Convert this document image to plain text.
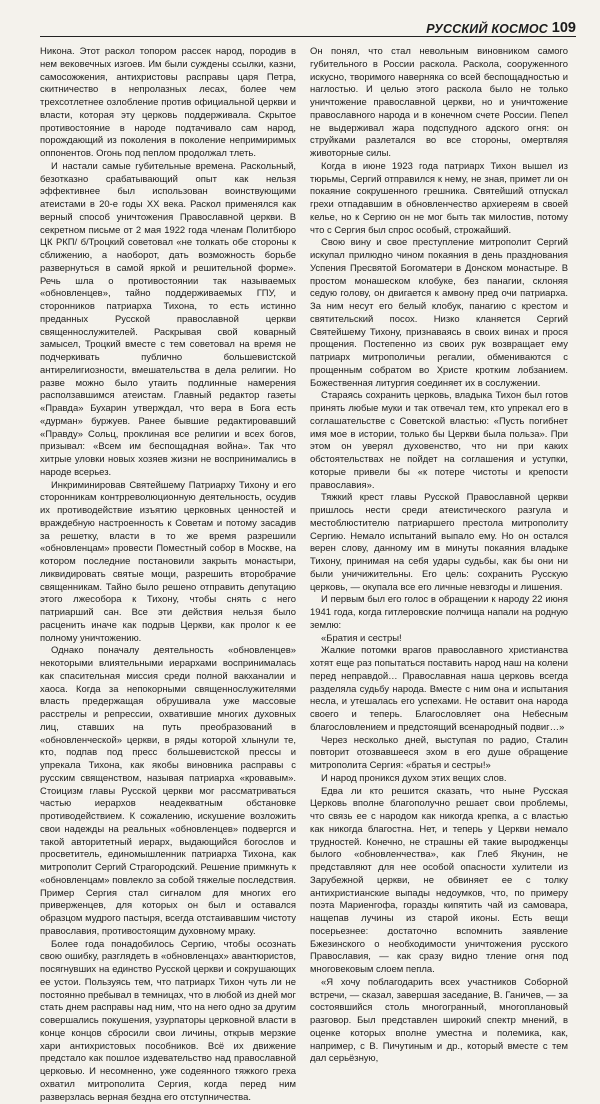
РУССКИЙ КОСМОС 109

Никона. Этот раскол топором рассек народ, породив в нем вековечных изгоев. Им были суждены ссылки, казни, самосожжения, антихристовы расправы царя Петра, скитничество в непролазных лесах, более чем трехсотлетнее озлобление против официальной церкви и власти, которая эту церковь поддерживала. Скрытое противостояние в народе подтачивало сам народ, порождающий из поколения в поколение непримиримых оппонентов. Огонь под пеплом продолжал тлеть.

И настали самые губительные времена. Раскольный, безотказно срабатывающий опыт как нельзя эффективнее был использован воинствующими атеистами в 20-е годы ХХ века. Раскол применялся как верный способ уничтожения Православной церкви. В секретном письме от 2 мая 1922 года членам Политбюро ЦК РКП/ б/Троцкий советовал «не толкать обе стороны к сближению, а наоборот, дать возможность борьбе развернуться в самой яркой и решительной форме». Речь шла о противостоянии так называемых «обновленцев», тайно поддерживаемых ГПУ, и сторонников патриарха Тихона, то есть истинно преданных Русской православной церкви священнослужителей. Раскрывая свой коварный замысел, Троцкий вместе с тем советовал на время не подчеркивать публично большевистской антирелигиозности, вмешательства в дела религии. Но разве можно было утаить подлинные намерения расползавшимся атеистам. Главный редактор газеты «Правда» Бухарин утверждал, что вера в Бога есть «дурман» буржуев. Ранее бывшие редактировавший «Правду» Сольц, проклиная все религии и всех богов, призывал: «Всем им беспощадная война». Так что хитрые уловки новых хозяев жизни не воспринимались в народе всерьез.

Инкриминировав Святейшему Патриарху Тихону и его сторонникам контрреволюционную деятельность, осудив их противодействие изъятию церковных ценностей и враждебную настроенность к Советам и потому засадив за решетку, власти в то же время разрешили «обновленцам» провести Поместный собор в Москве, на котором последние постановили закрыть монастыри, ликвидировать святые мощи, разрешить второбрачие священникам. Тайно было решено отправить депутацию этого лжесобора к Тихону, чтобы снять с него патриарший сан. Все эти действия нельзя было расценить иначе как подрыв Церкви, как пролог к ее полному уничтожению.

Однако поначалу деятельность «обновленцев» некоторыми влиятельными иерархами воспринималась как спасительная миссия среди полной вакханалии и хаоса. Когда за непокорными священнослужителями власть предержащая обрушивала уже массовые расстрелы и репрессии, охватившие многих духовных лиц, ставших на путь преобразований в «обновленческой» церкви, в ряды которой хлынули те, кто, подпав под пресс большевистской прессы и упрекала Тихона, как якобы виновника расправы с русским священством, называя патриарха «кровавым». Стоицизм главы Русской церкви мог рассматриваться частью иерархов неадекватным обстановке противодействием. К сожалению, искушение возложить свои надежды на реальных «обновленцев» подвергся и такой авторитетный иерарх, выдающийся богослов и просветитель, единомышленник патриарха Тихона, как митрополит Сергий Страгородский. Решение примкнуть к «обновленцам» повлекло за собой тяжелые последствия. Пример Сергия стал сигналом для многих его приверженцев, для которых он был и оставался образцом мудрого пастыря, всегда отстаивавшим чистоту православия, противостоящим духовному мраку.

Более года понадобилось Сергию, чтобы осознать свою ошибку, разглядеть в «обновленцах» авантюристов, посягнувших на единство Русской церкви и сокрушающих ее устои. Пользуясь тем, что патриарх Тихон чуть ли не постоянно пребывал в темницах, что в любой из дней мог стать днем расправы над ним, что на него одно за другим совершались покушения, узурпаторы церковной власти в конце концов сбросили свои личины, открыв мерзкие хари антихристовых пособников. Всё их движение предстало как пошлое издевательство над православной церковью. И несомненно, уже содеянного тяжкого греха охватил митрополита Сергия, когда перед ним разверзлась верная бездна его отступничества.

Он понял, что стал невольным виновником самого губительного в России раскола. Раскола, сооруженного искусно, творимого наверняка со всей беспощадностью и наглостью. И целью этого раскола было не только уничтожение православной церкви, но и уничтожение православного народа и в конечном счете России. Пепел не выдерживал жара подспудного адского огня: он струйками разлетался во все стороны, омертвляя животорные силы.

Когда в июне 1923 года патриарх Тихон вышел из тюрьмы, Сергий отправился к нему, не зная, примет ли он покаяние сокрушенного грешника. Святейший отпускал грехи отпадавшим в обновленчество архиереям в своей келье, но к Сергию он не мог быть так милостив, потому что с Сергия был спрос особый, строжайший.

Свою вину и свое преступление митрополит Сергий искупал прилюдно чином покаяния в день празднования Успения Пресвятой Богоматери в Донском монастыре. В простом монашеском клобуке, без панагии, склоняя седую голову, он двигается к амвону пред очи патриарха. За ним несут его белый клобук, панагию с крестом и святительский посох. Низко кланяется Сергий Святейшему Тихону, признаваясь в своих винах и прося прощения. Постепенно из своих рук возвращает ему патриарх митрополичьи регалии, обмениваются с прощенным собратом во Христе кротким лобзанием. Божественная литургия соединяет их в сослужении.

Стараясь сохранить церковь, владыка Тихон был готов принять любые муки и так отвечал тем, кто упрекал его в соглашательстве с Советской властью: «Пусть погибнет имя мое в истории, только бы Церкви была польза». При этом он уверял духовенство, что ни при каких обстоятельствах не пойдет на соглашения и уступки, которые привели бы «к потере чистоты и крепости православия».

Тяжкий крест главы Русской Православной церкви пришлось нести среди атеистического разгула и местоблюстителю патриаршего престола митрополиту Сергию. Немало испытаний выпало ему. Но он остался верен слову, данному им в минуты покаяния владыке Тихону, принимая на себя удары судьбы, как бы они ни были уничижительны. Его цель: сохранить Русскую церковь, — окупала все его личные невзгоды и лишения.

И первым был его голос в обращении к народу 22 июня 1941 года, когда гитлеровские полчища напали на родную землю:

«Братия и сестры!

Жалкие потомки врагов православного христианства хотят еще раз попытаться поставить народ наш на колени перед неправдой… Православная наша церковь всегда разделяла судьбу народа. Вместе с ним она и испытания несла, и утешалась его успехами. Не оставит она народа своего и теперь. Благословляет она Небесным благословлением и предстоящий всенародный подвиг…»

Через несколько дней, выступая по радио, Сталин повторит отозвавшееся эхом в его душе обращение митрополита Сергия: «братья и сестры!»

И народ проникся духом этих вещих слов.

Едва ли кто решится сказать, что ныне Русская Церковь вполне благополучно решает свои проблемы, что связь ее с народом как никогда крепка, а с властью как никогда благостна. Нет, и теперь у Церкви немало трудностей. Конечно, не страшны ей такие выродженцы былого «обновленчества», как Глеб Якунин, не представляют для нее особой опасности хулители из Зарубежной церкви, не обвиняет ее с толку антихристианские выпады недоумков, что, по примеру поэта Мариенгофа, горазды кипятить чай из самовара, нащепав лучины из старой иконы. Есть вещи посерьезнее: достаточно вспомнить заявление Бжезинского о необходимости уничтожения русского Православия, — как сразу видно тление огня под многовековым слоем пепла.

«Я хочу поблагодарить всех участников Соборной встречи, — сказал, завершая заседание, В. Ганичев, — за состоявшийся столь многогранный, многоплановый разговор. Был представлен широкий спектр мнений, в оценке которых вполне уместна и полемика, как, например, с В. Пичутиным и др., который вместе с тем дал серьёзную,
